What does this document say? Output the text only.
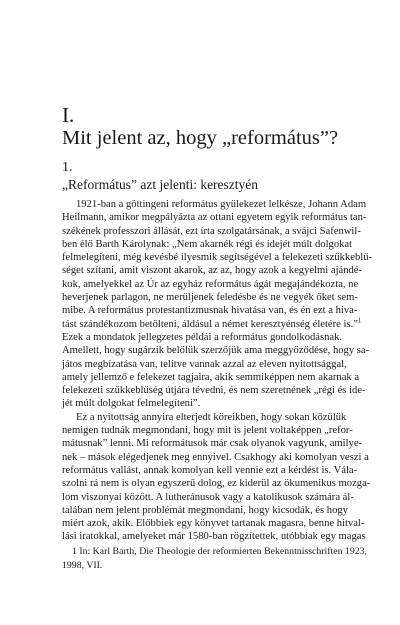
I.
Mit jelent az, hogy „református”?
1.
„Református” azt jelenti: keresztyén
1921-ban a göttingeni református gyülekezet lelkésze, Johann Adam
Heilmann, amikor megpályázta az ottani egyetem egyik református tan-
székének professzori állását, ezt írta szolgatársának, a svájci Safenwil-
ben élő Barth Károlynak: „Nem akarnék régi és idejét múlt dolgokat
felmelegíteni, még kevésbé ilyesmik segítségével a felekezeti szűkkeblű-
séget szítani, amit viszont akarok, az az, hogy azok a kegyelmi ajándé-
kok, amelyekkel az Úr az egyház református ágát megajándékozta, ne
heverjenek parlagon, ne merüljenek feledésbe és ne vegyék őket sem-
mibe. A református protestantizmusnak hivatása van, és én ezt a hiva-
tást szándékozom betölteni, áldásul a német keresztyénség életére is.”$^1$
Ezek a mondatok jellegzetes példái a református gondolkodásnak.
Amellett, hogy sugárzik belőlük szerzőjük ama meggyőződése, hogy sa-
játos megbízatása van, telítve vannak azzal az eleven nyitottsággal,
amely jellemző e felekezet tagjaira, akik semmiképpen nem akarnak a
felekezeti szűkkeblűség útjára tévedni, és nem szeretnének „régi és ide-
jét múlt dolgokat felmelegíteni”.
Ez a nyitottság annyira elterjedt köreikben, hogy sokan közülük
nemigen tudnák megmondani, hogy mit is jelent voltaképpen „refor-
mátusnak” lenni. Mi reformátusok már csak olyanok vagyunk, amilye-
nek – mások elégedjenek meg ennyivel. Csakhogy aki komolyan veszi a
református vallást, annak komolyan kell vennie ezt a kérdést is. Vála-
szolni rá nem is olyan egyszerű dolog, ez kiderül az ökumenikus mozga-
lom viszonyai között. A lutheránusok vagy a katolikusok számára ál-
talában nem jelent problémát megmondani, hogy kicsodák, és hogy
miért azok, akik. Előbbiek egy könyvet tartanak magasra, benne hitval-
lási iratokkal, amelyeket már 1580-ban rögzítettek, utóbbiak egy magas
1 In: Karl Barth, Die Theologie der reformierten Bekenntnisschriften 1923,
1998, VII.
